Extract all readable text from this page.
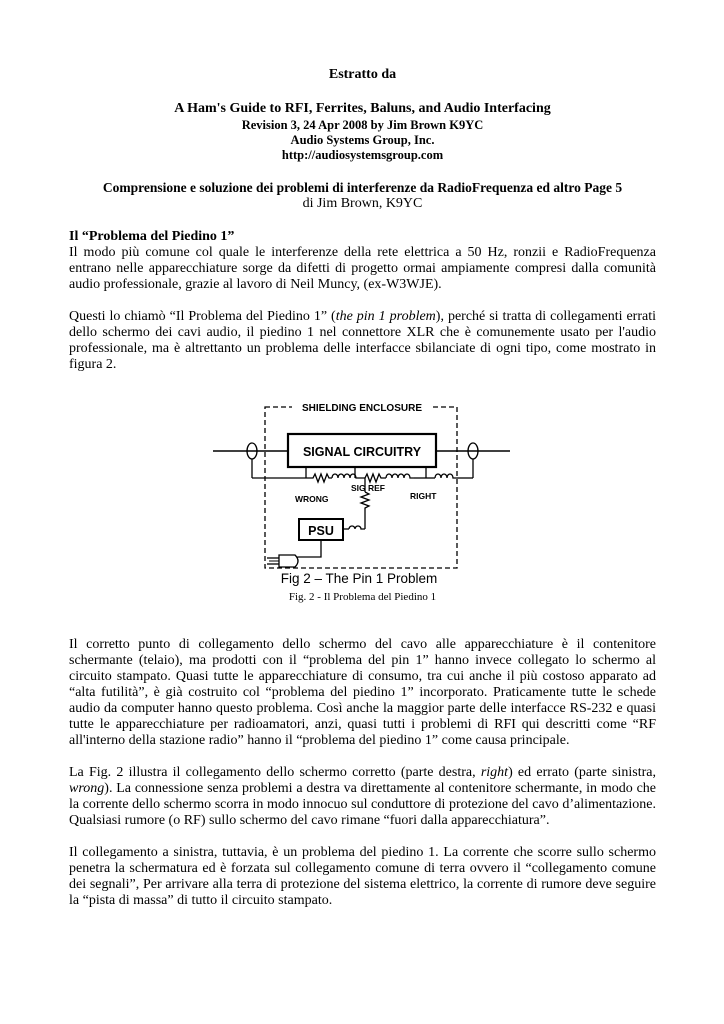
Estratto da
A Ham's Guide to RFI, Ferrites, Baluns, and Audio Interfacing
Revision 3, 24 Apr 2008 by Jim Brown K9YC
Audio Systems Group, Inc.
http://audiosystemsgroup.com
Comprensione e soluzione dei problemi di interferenze da RadioFrequenza ed altro Page 5
di Jim Brown, K9YC
Il “Problema del Piedino 1”

Il modo più comune col quale le interferenze della rete elettrica a 50 Hz, ronzii e RadioFrequenza entrano nelle apparecchiature sorge da difetti di progetto ormai ampiamente compresi dalla comunità audio professionale, grazie al lavoro di Neil Muncy, (ex-W3WJE).

Questi lo chiamò “Il Problema del Piedino 1” (the pin 1 problem), perché si tratta di collegamenti errati dello schermo dei cavi audio, il piedino 1 nel connettore XLR che è comunemente usato per l'audio professionale, ma è altrettanto un problema delle interfacce sbilanciate di ogni tipo, come mostrato in figura 2.

SHIELDING ENCLOSURE
SIGNAL CIRCUITRY
SIG REF
WRONG	RIGHT
PSU
Fig 2 – The Pin 1 Problem
Fig. 2 - Il Problema del Piedino 1

Il corretto punto di collegamento dello schermo del cavo alle apparecchiature è il contenitore schermante (telaio), ma prodotti con il “problema del pin 1” hanno invece collegato lo schermo al circuito stampato. Quasi tutte le apparecchiature di consumo, tra cui anche il più costoso apparato ad “alta futilità”, è già costruito col “problema del piedino 1” incorporato. Praticamente tutte le schede audio da computer hanno questo problema. Così anche la maggior parte delle interfacce RS-232 e quasi tutte le apparecchiature per radioamatori, anzi, quasi tutti i problemi di RFI qui descritti come “RF all'interno della stazione radio” hanno il “problema del piedino 1” come causa principale.

La Fig. 2 illustra il collegamento dello schermo corretto (parte destra, right) ed errato (parte sinistra, wrong). La connessione senza problemi a destra va direttamente al contenitore schermante, in modo che la corrente dello schermo scorra in modo innocuo sul conduttore di protezione del cavo d’alimentazione. Qualsiasi rumore (o RF) sullo schermo del cavo rimane “fuori dalla apparecchiatura”.

Il collegamento a sinistra, tuttavia, è un problema del piedino 1. La corrente che scorre sullo schermo penetra la schermatura ed è forzata sul collegamento comune di terra ovvero il “collegamento comune dei segnali”, Per arrivare alla terra di protezione del sistema elettrico, la corrente di rumore deve seguire la “pista di massa” di tutto il circuito stampato.
